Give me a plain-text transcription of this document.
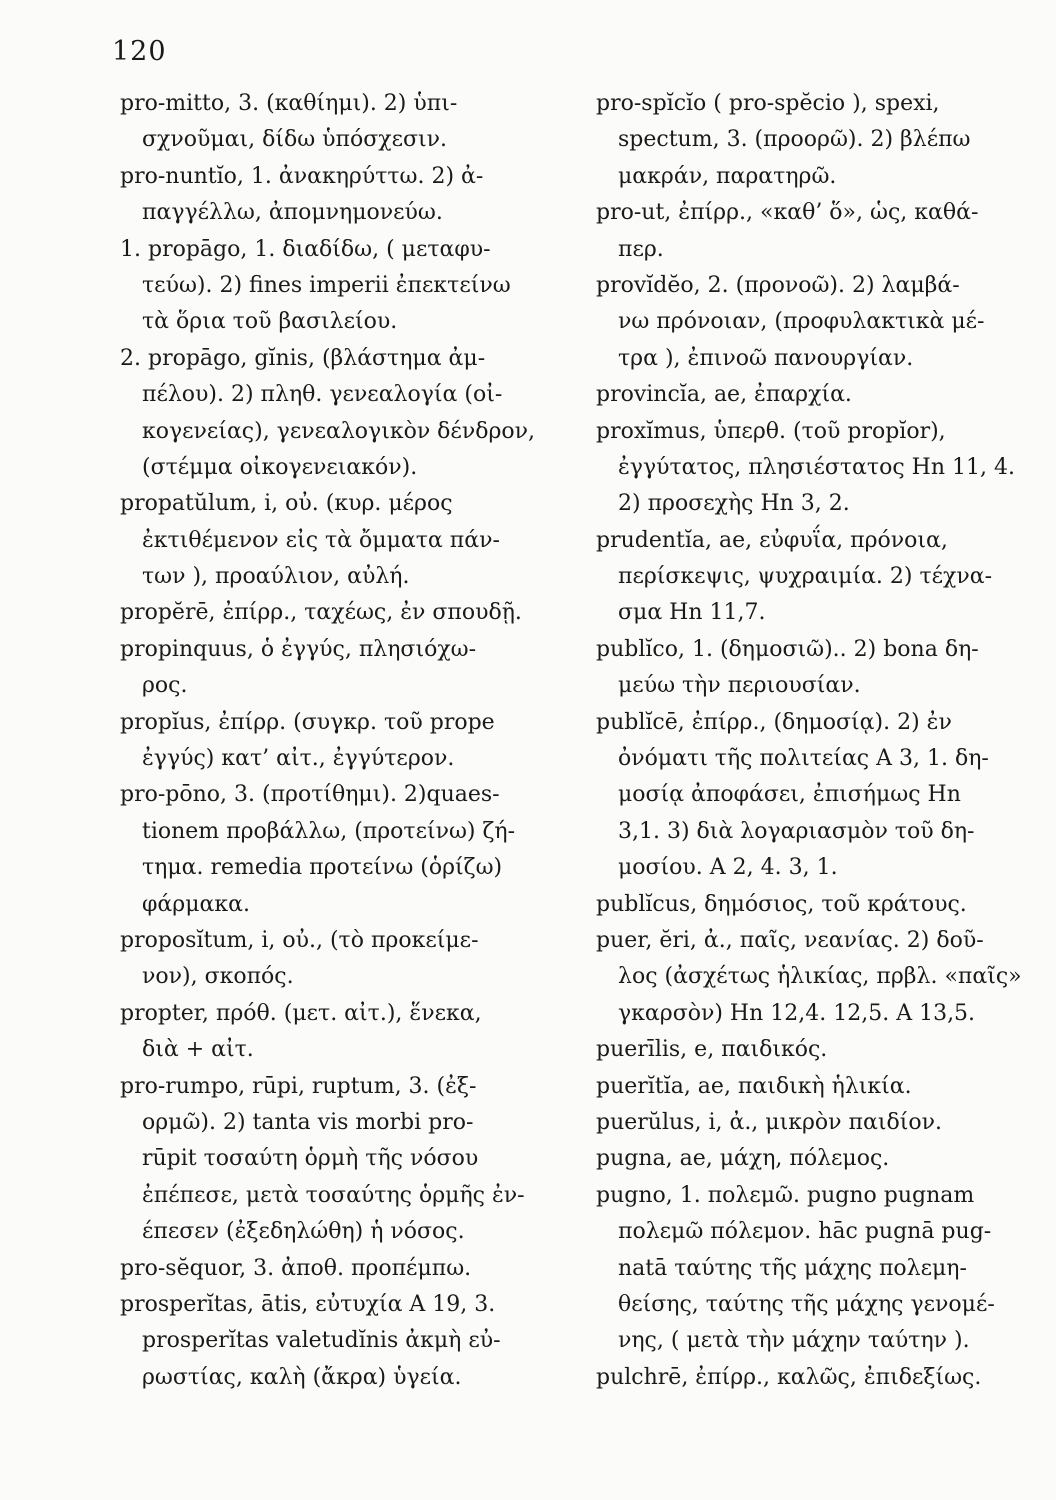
120
pro-mitto, 3. (καθίημι). 2) ὑπι-
σχνοῦμαι, δίδω ὑπόσχεσιν.
pro-nuntĭo, 1. ἀνακηρύττω. 2) ἀ-
παγγέλλω, ἀπομνημονεύω.
1. propāgo, 1. διαδίδω, ( μεταφυ-
τεύω). 2) fines imperii ἐπεκτείνω
τὰ ὅρια τοῦ βασιλείου.
2. propāgo, gĭnis, (βλάστημα ἀμ-
πέλου). 2) πληθ. γενεαλογία (οἰ-
κογενείας), γενεαλογικὸν δένδρον,
(στέμμα οἰκογενειακόν).
propatŭlum, i, οὐ. (κυρ. μέρος
ἐκτιθέμενον εἰς τὰ ὄμματα πάν-
των ), προαύλιον, αὐλή.
propĕrē, ἐπίρρ., ταχέως, ἐν σπουδῇ.
propinquus, ὁ ἐγγύς, πλησιόχω-
ρος.
propĭus, ἐπίρρ. (συγκρ. τοῦ prope
ἐγγύς) κατ’ αἰτ., ἐγγύτερον.
pro-pōno, 3. (προτίθημι). 2)quaes-
tionem προβάλλω, (προτείνω) ζή-
τημα. remedia προτείνω (ὁρίζω)
φάρμακα.
proposĭtum, i, οὐ., (τὸ προκείμε-
νον), σκοπός.
propter, πρόθ. (μετ. αἰτ.), ἕνεκα,
διὰ + αἰτ.
pro-rumpo, rūpi, ruptum, 3. (ἐξ-
ορμῶ). 2) tanta vis morbi pro-
rūpit τοσαύτη ὁρμὴ τῆς νόσου
ἐπέπεσε, μετὰ τοσαύτης ὁρμῆς ἐν-
έπεσεν (ἐξεδηλώθη) ἡ νόσος.
pro-sĕquor, 3. ἀποθ. προπέμπω.
prosperĭtas, ātis, εὐτυχία A 19, 3.
prosperĭtas valetudĭnis ἀκμὴ εὐ-
ρωστίας, καλὴ (ἄκρα) ὑγεία.
pro-spĭcĭo ( pro-spĕcio ), spexi,
spectum, 3. (προορῶ). 2) βλέπω
μακράν, παρατηρῶ.
pro-ut, ἐπίρρ., «καθ’ ὅ», ὡς, καθά-
περ.
provĭdĕo, 2. (προνοῶ). 2) λαμβά-
νω πρόνοιαν, (προφυλακτικὰ μέ-
τρα ), ἐπινοῶ πανουργίαν.
provincĭa, ae, ἐπαρχία.
proxĭmus, ὑπερθ. (τοῦ propĭor),
ἐγγύτατος, πλησιέστατος Hn 11, 4.
2) προσεχὴς Hn 3, 2.
prudentĭa, ae, εὐφυΐα, πρόνοια,
περίσκεψις, ψυχραιμία. 2) τέχνα-
σμα Hn 11,7.
publĭco, 1. (δημοσιῶ).. 2) bona δη-
μεύω τὴν περιουσίαν.
publĭcē, ἐπίρρ., (δημοσίᾳ). 2) ἐν
ὀνόματι τῆς πολιτείας A 3, 1. δη-
μοσίᾳ ἀποφάσει, ἐπισήμως Hn
3,1. 3) διὰ λογαριασμὸν τοῦ δη-
μοσίου. A 2, 4. 3, 1.
publĭcus, δημόσιος, τοῦ κράτους.
puer, ĕri, ἀ., παῖς, νεανίας. 2) δοῦ-
λος (ἀσχέτως ἡλικίας, πρβλ. «παῖς»
γκαρσὸν) Hn 12,4. 12,5. A 13,5.
puerīlis, e, παιδικός.
puerĭtĭa, ae, παιδικὴ ἡλικία.
puerŭlus, i, ἀ., μικρὸν παιδίον.
pugna, ae, μάχη, πόλεμος.
pugno, 1. πολεμῶ. pugno pugnam
πολεμῶ πόλεμον. hāc pugnā pug-
natā ταύτης τῆς μάχης πολεμη-
θείσης, ταύτης τῆς μάχης γενομέ-
νης, ( μετὰ τὴν μάχην ταύτην ).
pulchrē, ἐπίρρ., καλῶς, ἐπιδεξίως.
